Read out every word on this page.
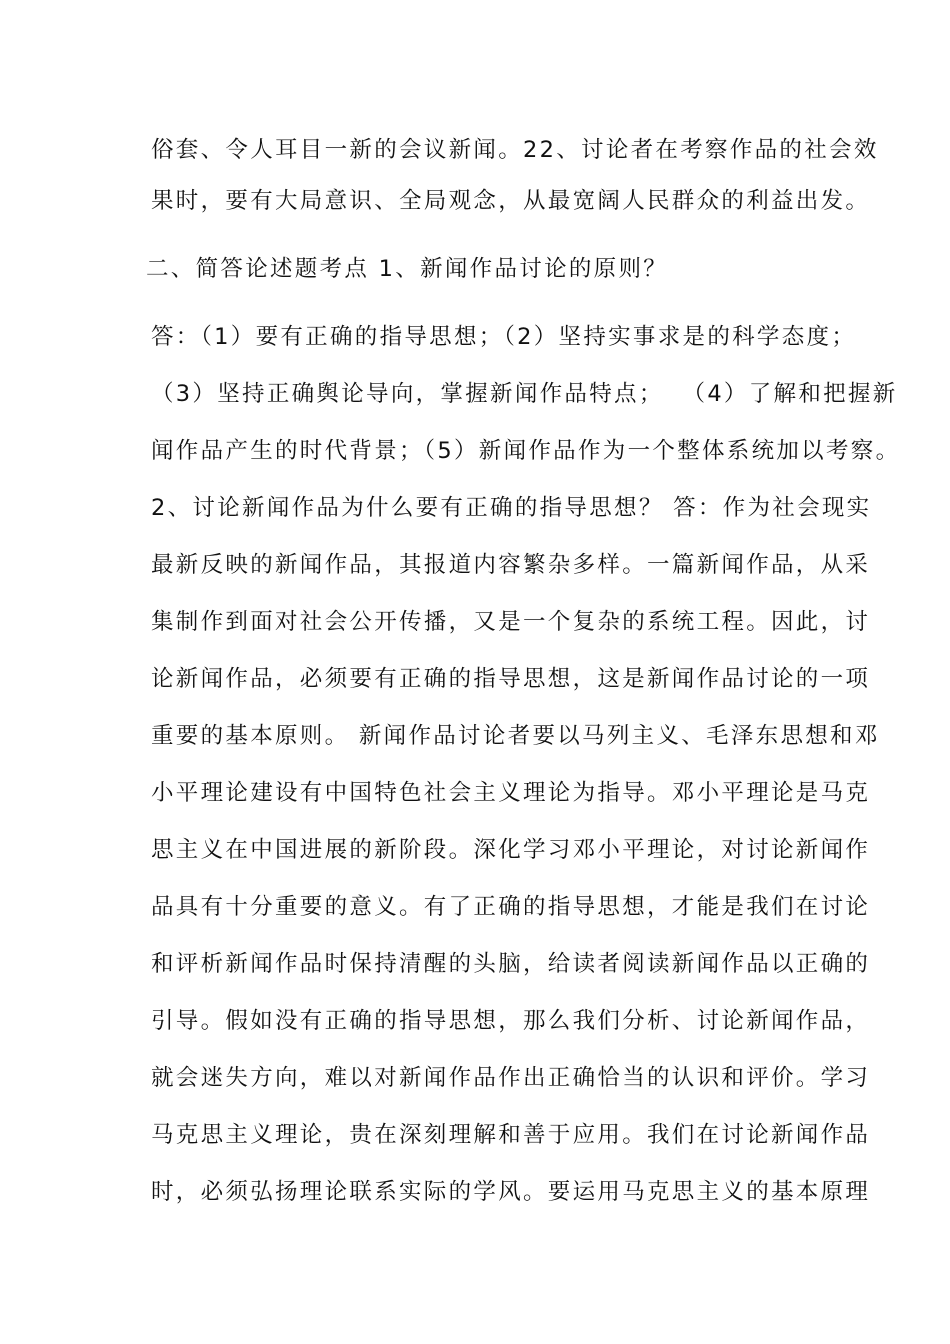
俗套、令人耳目一新的会议新闻。22、讨论者在考察作品的社会效
果时，要有大局意识、全局观念，从最宽阔人民群众的利益出发。
二、简答论述题考点 1、新闻作品讨论的原则？
答：（1）要有正确的指导思想；（2）坚持实事求是的科学态度；
（3）坚持正确舆论导向，掌握新闻作品特点；  （4）了解和把握新
闻作品产生的时代背景；（5）新闻作品作为一个整体系统加以考察。
2、讨论新闻作品为什么要有正确的指导思想？ 答：作为社会现实
最新反映的新闻作品，其报道内容繁杂多样。一篇新闻作品，从采
集制作到面对社会公开传播，又是一个复杂的系统工程。因此，讨
论新闻作品，必须要有正确的指导思想，这是新闻作品讨论的一项
重要的基本原则。 新闻作品讨论者要以马列主义、毛泽东思想和邓
小平理论建设有中国特色社会主义理论为指导。邓小平理论是马克
思主义在中国进展的新阶段。深化学习邓小平理论，对讨论新闻作
品具有十分重要的意义。有了正确的指导思想，才能是我们在讨论
和评析新闻作品时保持清醒的头脑，给读者阅读新闻作品以正确的
引导。假如没有正确的指导思想，那么我们分析、讨论新闻作品，
就会迷失方向，难以对新闻作品作出正确恰当的认识和评价。学习
马克思主义理论，贵在深刻理解和善于应用。我们在讨论新闻作品
时，必须弘扬理论联系实际的学风。要运用马克思主义的基本原理
